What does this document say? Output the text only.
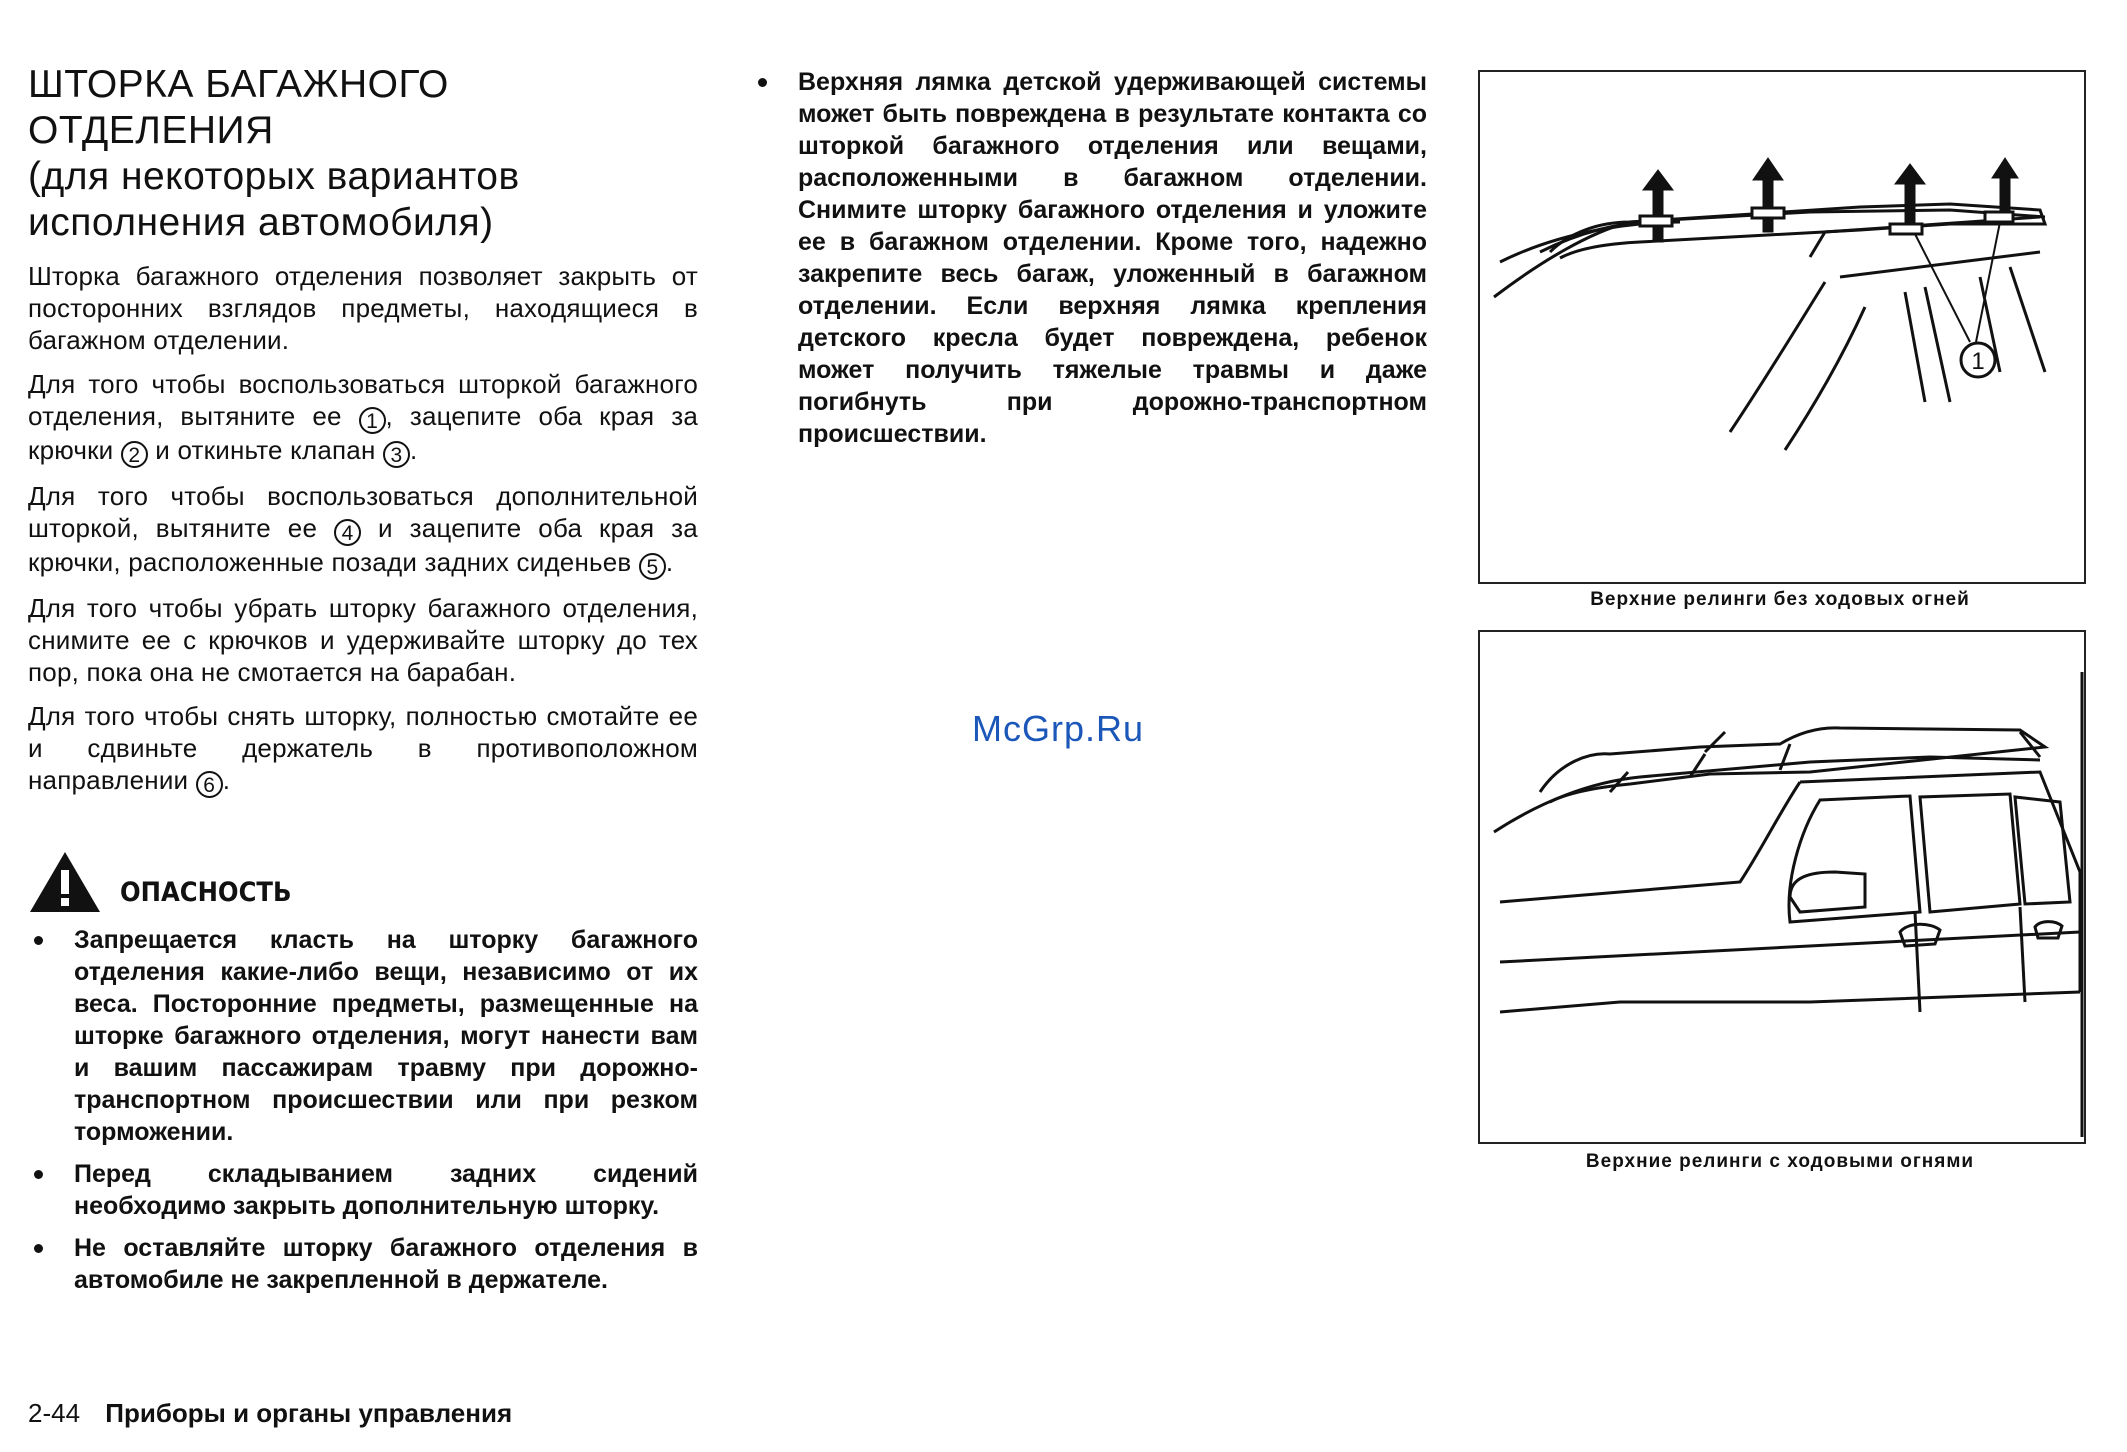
ШТОРКА БАГАЖНОГО ОТДЕЛЕНИЯ
(для некоторых вариантов
исполнения автомобиля)

Шторка багажного отделения позволяет закрыть от посторонних взглядов предметы, находящиеся в багажном отделении.

Для того чтобы воспользоваться шторкой багажного отделения, вытяните ее 1 , зацепите оба края за крючки 2 и откиньте клапан 3 .

Для того чтобы воспользоваться дополнительной шторкой, вытяните ее 4 и зацепите оба края за крючки, расположенные позади задних сиденьев 5 .

Для того чтобы убрать шторку багажного отделения, снимите ее с крючков и удерживайте шторку до тех пор, пока она не смотается на барабан.

Для того чтобы снять шторку, полностью смотайте ее и сдвиньте держатель в противоположном направлении 6 .

ОПАСНОСТЬ
Запрещается класть на шторку багажного отделения какие-либо вещи, независимо от их веса. Посторонние предметы, размещенные на шторке багажного отделения, могут нанести вам и вашим пассажирам травму при дорожно-транспортном происшествии или при резком торможении.
Перед складыванием задних сидений необходимо закрыть дополнительную шторку.
Не оставляйте шторку багажного отделения в автомобиле не закрепленной в держателе.
Верхняя лямка детской удерживающей системы может быть повреждена в результате контакта со шторкой багажного отделения или вещами, расположенными в багажном отделении. Снимите шторку багажного отделения и уложите ее в багажном отделении. Кроме того, надежно закрепите весь багаж, уложенный в багажном отделении. Если верхняя лямка крепления детского кресла будет повреждена, ребенок может получить тяжелые травмы и даже погибнуть при дорожно-транспортном происшествии.
McGrp.Ru
1
Верхние релинги без ходовых огней
Верхние релинги с ходовыми огнями
2-44 Приборы и органы управления
